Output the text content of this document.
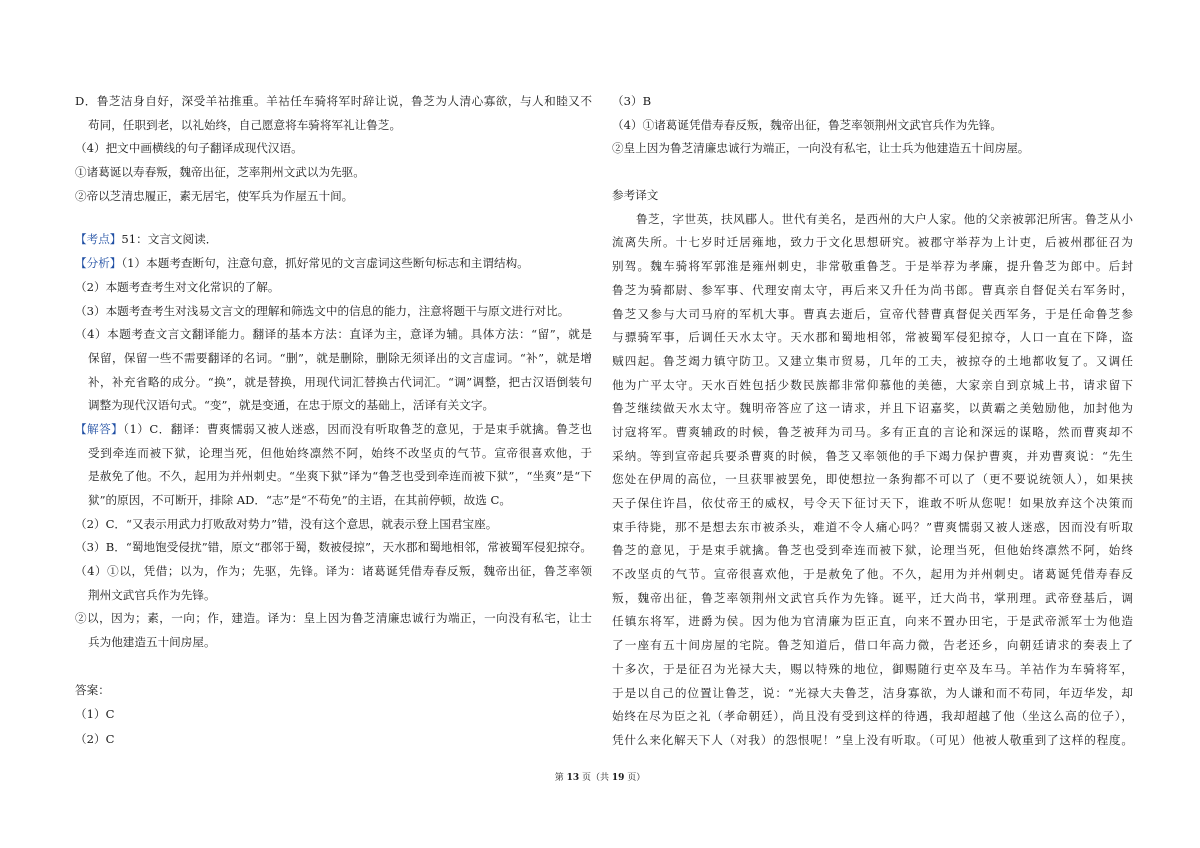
D．鲁芝洁身自好，深受羊祜推重。羊祜任车骑将军时辞让说，鲁芝为人清心寡欲，与人和睦又不
苟同，任职到老，以礼始终，自己愿意将车骑将军礼让鲁芝。
（4）把文中画横线的句子翻译成现代汉语。
①诸葛诞以寿春叛，魏帝出征，芝率荆州文武以为先驱。
②帝以芝清忠履正，素无居宅，使军兵为作屋五十间。
【考点】51：文言文阅读．
【分析】（1）本题考查断句，注意句意，抓好常见的文言虚词这些断句标志和主谓结构。
（2）本题考查考生对文化常识的了解。
（3）本题考查考生对浅易文言文的理解和筛选文中的信息的能力，注意将题干与原文进行对比。
（4）本题考查文言文翻译能力。翻译的基本方法：直译为主，意译为辅。具体方法：“留”，就是
保留，保留一些不需要翻译的名词。“删”，就是删除，删除无须译出的文言虚词。“补”，就是增
补，补充省略的成分。“换”，就是替换，用现代词汇替换古代词汇。“调”调整，把古汉语倒装句
调整为现代汉语句式。“变”，就是变通，在忠于原文的基础上，活译有关文字。
【解答】（1）C．翻译：曹爽懦弱又被人迷惑，因而没有听取鲁芝的意见，于是束手就擒。鲁芝也
受到牵连而被下狱，论理当死，但他始终凛然不阿，始终不改坚贞的气节。宣帝很喜欢他，于
是赦免了他。不久，起用为并州刺史。“坐爽下狱”译为“鲁芝也受到牵连而被下狱”，“坐爽”是“下
狱”的原因，不可断开，排除 AD．“志”是“不苟免”的主语，在其前停顿，故选 C。
（2）C．“又表示用武力打败敌对势力”错，没有这个意思，就表示登上国君宝座。
（3）B．“蜀地饱受侵扰”错，原文“郡邻于蜀，数被侵掠”，天水郡和蜀地相邻，常被蜀军侵犯掠夺。
（4）①以，凭借；以为，作为；先驱，先锋。译为：诸葛诞凭借寿春反叛，魏帝出征，鲁芝率领
荆州文武官兵作为先锋。
②以，因为；素，一向；作，建造。译为：皇上因为鲁芝清廉忠诚行为端正，一向没有私宅，让士
兵为他建造五十间房屋。
答案：
（1）C
（2）C
（3）B
（4）①诸葛诞凭借寿春反叛，魏帝出征，鲁芝率领荆州文武官兵作为先锋。
②皇上因为鲁芝清廉忠诚行为端正，一向没有私宅，让士兵为他建造五十间房屋。
参考译文
鲁芝，字世英，扶风郿人。世代有美名，是西州的大户人家。他的父亲被郭汜所害。鲁芝从小
流离失所。十七岁时迁居雍地，致力于文化思想研究。被郡守举荐为上计吏，后被州郡征召为
别驾。魏车骑将军郭淮是雍州刺史，非常敬重鲁芝。于是举荐为孝廉，提升鲁芝为郎中。后封
鲁芝为骑都尉、参军事、代理安南太守，再后来又升任为尚书郎。曹真亲自督促关右军务时，
鲁芝又参与大司马府的军机大事。曹真去逝后，宣帝代替曹真督促关西军务，于是任命鲁芝参
与骠骑军事，后调任天水太守。天水郡和蜀地相邻，常被蜀军侵犯掠夺，人口一直在下降，盗
贼四起。鲁芝竭力镇守防卫。又建立集市贸易，几年的工夫，被掠夺的土地都收复了。又调任
他为广平太守。天水百姓包括少数民族都非常仰慕他的美德，大家亲自到京城上书，请求留下
鲁芝继续做天水太守。魏明帝答应了这一请求，并且下诏嘉奖，以黄霸之美勉励他，加封他为
讨寇将军。曹爽辅政的时候，鲁芝被拜为司马。多有正直的言论和深远的谋略，然而曹爽却不
采纳。等到宣帝起兵要杀曹爽的时候，鲁芝又率领他的手下竭力保护曹爽，并劝曹爽说：“先生
您处在伊周的高位，一旦获罪被罢免，即使想拉一条狗都不可以了（更不要说统领人），如果挟
天子保住许昌，依仗帝王的威权，号令天下征讨天下，谁敢不听从您呢！如果放弃这个决策而
束手待毙，那不是想去东市被杀头，难道不令人痛心吗？”曹爽懦弱又被人迷惑，因而没有听取
鲁芝的意见，于是束手就擒。鲁芝也受到牵连而被下狱，论理当死，但他始终凛然不阿，始终
不改坚贞的气节。宣帝很喜欢他，于是赦免了他。不久，起用为并州刺史。诸葛诞凭借寿春反
叛，魏帝出征，鲁芝率领荆州文武官兵作为先锋。诞平，迁大尚书，掌刑理。武帝登基后，调
任镇东将军，进爵为侯。因为他为官清廉为臣正直，向来不置办田宅，于是武帝派军士为他造
了一座有五十间房屋的宅院。鲁芝知道后，借口年高力微，告老还乡，向朝廷请求的奏表上了
十多次，于是征召为光禄大夫，赐以特殊的地位，御赐随行吏卒及车马。羊祜作为车骑将军，
于是以自己的位置让鲁芝，说：“光禄大夫鲁芝，洁身寡欲，为人谦和而不苟同，年迈华发，却
始终在尽为臣之礼（孝命朝廷），尚且没有受到这样的待遇，我却超越了他（坐这么高的位子），
凭什么来化解天下人（对我）的怨恨呢！”皇上没有听取。（可见）他被人敬重到了这样的程度。
第 13 页（共 19 页）
